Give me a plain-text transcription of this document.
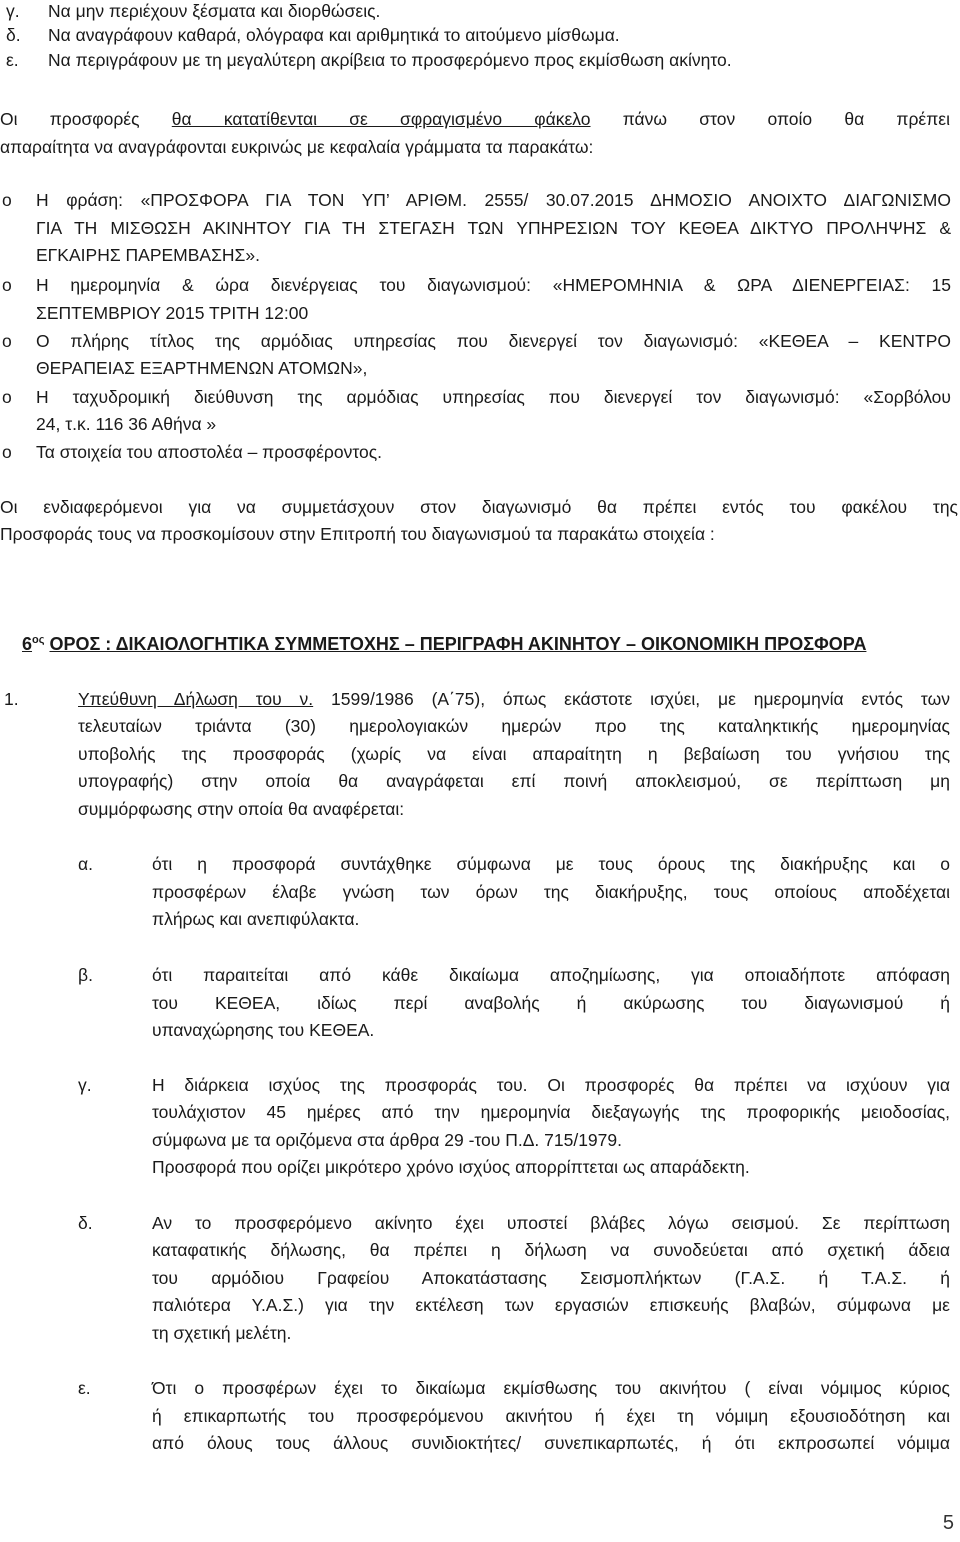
γ. Να μην περιέχουν ξέσματα και διορθώσεις.
δ. Να αναγράφουν καθαρά, ολόγραφα και αριθμητικά το αιτούμενο μίσθωμα.
ε. Να περιγράφουν με τη μεγαλύτερη ακρίβεια το προσφερόμενο προς εκμίσθωση ακίνητο.
Οι προσφορές θα κατατίθενται σε σφραγισμένο φάκελο πάνω στον οποίο θα πρέπει
απαραίτητα να αναγράφονται ευκρινώς με κεφαλαία γράμματα τα παρακάτω:
o Η φράση: «ΠΡΟΣΦΟΡΑ ΓΙΑ ΤΟΝ ΥΠ’ ΑΡΙΘΜ. 2555/ 30.07.2015 ΔΗΜΟΣΙΟ ΑΝΟΙΧΤΟ ΔΙΑΓΩΝΙΣΜΟ
ΓΙΑ ΤΗ ΜΙΣΘΩΣΗ ΑΚΙΝΗΤΟΥ ΓΙΑ ΤΗ ΣΤΕΓΑΣΗ ΤΩΝ ΥΠΗΡΕΣΙΩΝ ΤΟΥ ΚΕΘΕΑ ΔΙΚΤΥΟ ΠΡΟΛΗΨΗΣ &
ΕΓΚΑΙΡΗΣ ΠΑΡΕΜΒΑΣΗΣ».
o Η ημερομηνία & ώρα διενέργειας του διαγωνισμού: «ΗΜΕΡΟΜΗΝΙΑ & ΩΡΑ ΔΙΕΝΕΡΓΕΙΑΣ: 15
ΣΕΠΤΕΜΒΡΙΟΥ 2015 ΤΡΙΤΗ 12:00
o Ο πλήρης τίτλος της αρμόδιας υπηρεσίας που διενεργεί τον διαγωνισμό: «ΚΕΘΕΑ – ΚΕΝΤΡΟ
ΘΕΡΑΠΕΙΑΣ ΕΞΑΡΤΗΜΕΝΩΝ ΑΤΟΜΩΝ»,
o Η ταχυδρομική διεύθυνση της αρμόδιας υπηρεσίας που διενεργεί τον διαγωνισμό: «Σορβόλου
24, τ.κ. 116 36 Αθήνα »
o Τα στοιχεία του αποστολέα – προσφέροντος.
Οι ενδιαφερόμενοι για να συμμετάσχουν στον διαγωνισμό θα πρέπει εντός του φακέλου της
Προσφοράς τους να προσκομίσουν στην Επιτροπή του διαγωνισμού τα παρακάτω στοιχεία :
$6^{o\varsigma}$ ΟΡΟΣ : ΔΙΚΑΙΟΛΟΓΗΤΙΚΑ ΣΥΜΜΕΤΟΧΗΣ – ΠΕΡΙΓΡΑΦΗ ΑΚΙΝΗΤΟΥ – ΟΙΚΟΝΟΜΙΚΗ ΠΡΟΣΦΟΡΑ
1.	Υπεύθυνη Δήλωση του ν. 1599/1986 (Α΄75), όπως εκάστοτε ισχύει, με ημερομηνία εντός των
τελευταίων τριάντα (30) ημερολογιακών ημερών προ της καταληκτικής ημερομηνίας
υποβολής της προσφοράς (χωρίς να είναι απαραίτητη η βεβαίωση του γνήσιου της
υπογραφής) στην οποία θα αναγράφεται επί ποινή αποκλεισμού, σε περίπτωση μη
συμμόρφωσης στην οποία θα αναφέρεται:
α.	ότι η προσφορά συντάχθηκε σύμφωνα με τους όρους της διακήρυξης και ο
προσφέρων έλαβε γνώση των όρων της διακήρυξης, τους οποίους αποδέχεται
πλήρως και ανεπιφύλακτα.
β.	ότι παραιτείται από κάθε δικαίωμα αποζημίωσης, για οποιαδήποτε απόφαση
του ΚΕΘΕΑ, ιδίως περί αναβολής ή ακύρωσης του διαγωνισμού ή
υπαναχώρησης του ΚΕΘΕΑ.
γ.	Η διάρκεια ισχύος της προσφοράς του. Οι προσφορές θα πρέπει να ισχύουν για
τουλάχιστον 45 ημέρες από την ημερομηνία διεξαγωγής της προφορικής μειοδοσίας,
σύμφωνα με τα οριζόμενα στα άρθρα 29 -του Π.Δ. 715/1979.
Προσφορά που ορίζει μικρότερο χρόνο ισχύος απορρίπτεται ως απαράδεκτη.
δ.	Αν το προσφερόμενο ακίνητο έχει υποστεί βλάβες λόγω σεισμού. Σε περίπτωση
καταφατικής δήλωσης, θα πρέπει η δήλωση να συνοδεύεται από σχετική άδεια
του αρμόδιου Γραφείου Αποκατάστασης Σεισμοπλήκτων (Γ.Α.Σ. ή Τ.Α.Σ. ή
παλιότερα Υ.Α.Σ.) για την εκτέλεση των εργασιών επισκευής βλαβών, σύμφωνα με
τη σχετική μελέτη.
ε.	Ότι ο προσφέρων έχει το δικαίωμα εκμίσθωσης του ακινήτου ( είναι νόμιμος κύριος
ή επικαρπωτής του προσφερόμενου ακινήτου ή έχει τη νόμιμη εξουσιοδότηση και
από όλους τους άλλους συνιδιοκτήτες/ συνεπικαρπωτές, ή ότι εκπροσωπεί νόμιμα
5
